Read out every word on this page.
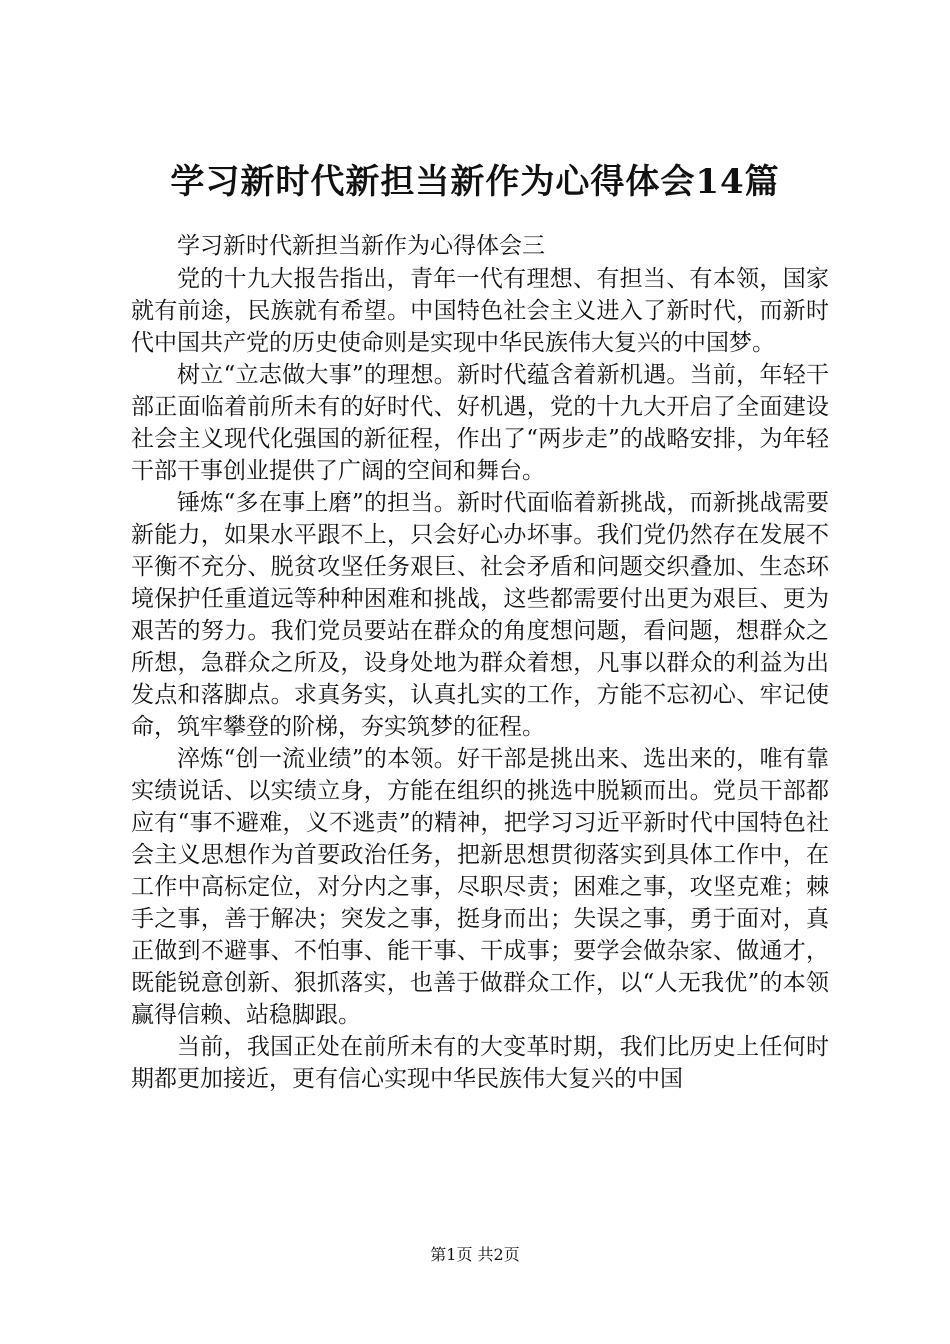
学习新时代新担当新作为心得体会14篇

学习新时代新担当新作为心得体会三

党的十九大报告指出，青年一代有理想、有担当、有本领，国家就有前途，民族就有希望。中国特色社会主义进入了新时代，而新时代中国共产党的历史使命则是实现中华民族伟大复兴的中国梦。

树立“立志做大事”的理想。新时代蕴含着新机遇。当前，年轻干部正面临着前所未有的好时代、好机遇，党的十九大开启了全面建设社会主义现代化强国的新征程，作出了“两步走”的战略安排，为年轻干部干事创业提供了广阔的空间和舞台。

锤炼“多在事上磨”的担当。新时代面临着新挑战，而新挑战需要新能力，如果水平跟不上，只会好心办坏事。我们党仍然存在发展不平衡不充分、脱贫攻坚任务艰巨、社会矛盾和问题交织叠加、生态环境保护任重道远等种种困难和挑战，这些都需要付出更为艰巨、更为艰苦的努力。我们党员要站在群众的角度想问题，看问题，想群众之所想，急群众之所及，设身处地为群众着想，凡事以群众的利益为出发点和落脚点。求真务实，认真扎实的工作，方能不忘初心、牢记使命，筑牢攀登的阶梯，夯实筑梦的征程。

淬炼“创一流业绩”的本领。好干部是挑出来、选出来的，唯有靠实绩说话、以实绩立身，方能在组织的挑选中脱颖而出。党员干部都应有“事不避难，义不逃责”的精神，把学习习近平新时代中国特色社会主义思想作为首要政治任务，把新思想贯彻落实到具体工作中，在工作中高标定位，对分内之事，尽职尽责；困难之事，攻坚克难；棘手之事，善于解决；突发之事，挺身而出；失误之事，勇于面对，真正做到不避事、不怕事、能干事、干成事；要学会做杂家、做通才，既能锐意创新、狠抓落实，也善于做群众工作，以“人无我优”的本领赢得信赖、站稳脚跟。

当前，我国正处在前所未有的大变革时期，我们比历史上任何时期都更加接近，更有信心实现中华民族伟大复兴的中国

第1页 共2页
